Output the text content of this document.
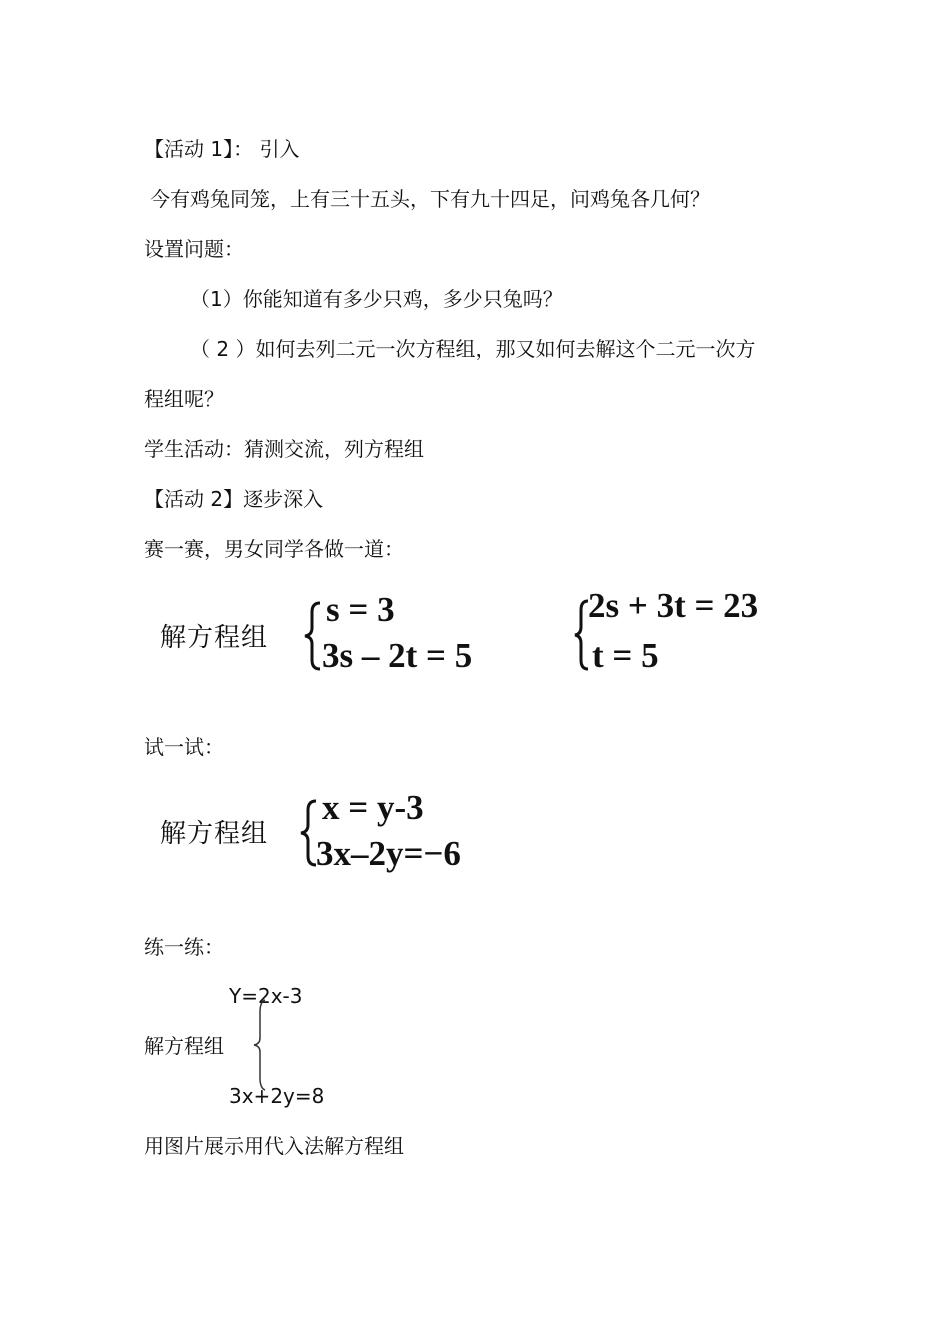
【活动 1】： 引入
今有鸡兔同笼，上有三十五头，下有九十四足，问鸡兔各几何？
设置问题：
（1）你能知道有多少只鸡，多少只兔吗？
（ 2 ）如何去列二元一次方程组，那又如何去解这个二元一次方
程组呢？
学生活动：猜测交流，列方程组
【活动 2】逐步深入
赛一赛，男女同学各做一道：
解方程组
s = 3
3s – 2t = 5
2s + 3t = 23
t = 5
试一试：
解方程组
x = y-3
3x–2y=−6
练一练：
Y=2x-3
解方程组
3x+2y=8
用图片展示用代入法解方程组
